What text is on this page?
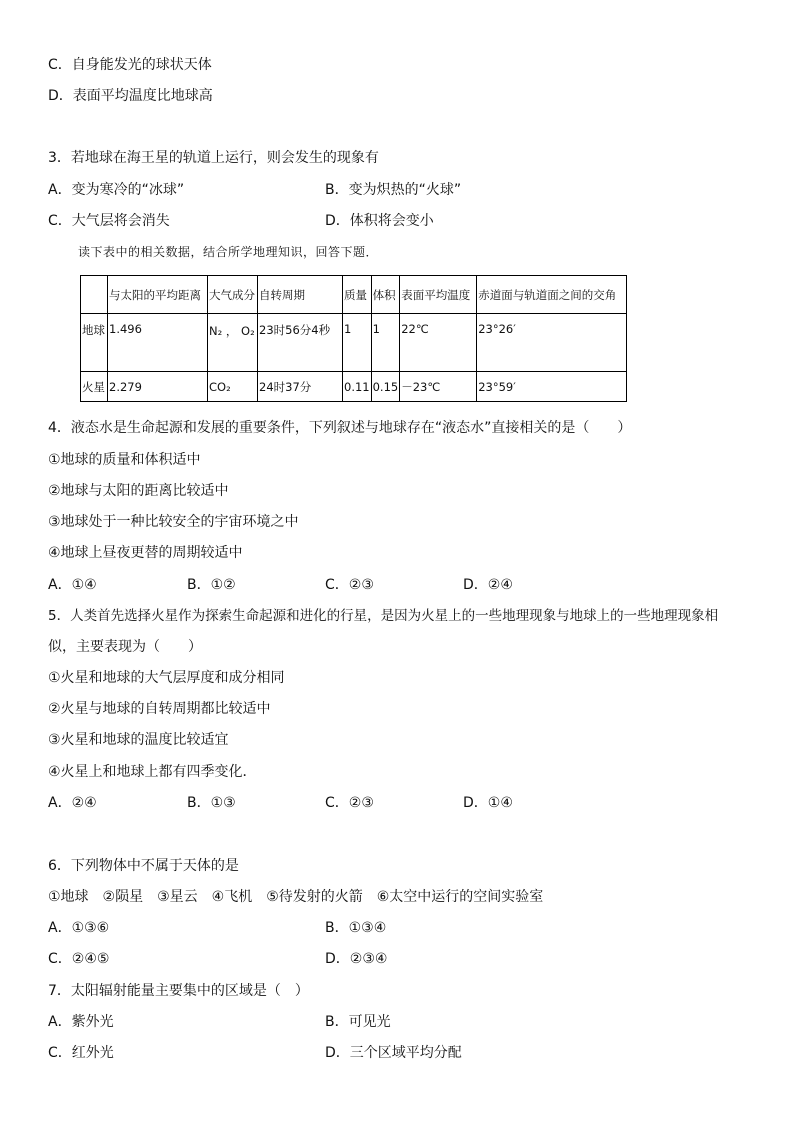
C．自身能发光的球状天体
D．表面平均温度比地球高
3．若地球在海王星的轨道上运行，则会发生的现象有
A．变为寒冷的“冰球”	B．变为炽热的“火球”
C．大气层将会消失	D．体积将会变小
读下表中的相关数据，结合所学地理知识，回答下题．
	与太阳的平均距离	大气成分	自转周期	质量	体积	表面平均温度	赤道面与轨道面之间的交角
地球	1.496	N₂ ， O₂	23时56分4秒	1	1	22℃	23°26′
火星	2.279	CO₂	24时37分	0.11	0.15	－23℃	23°59′
4．液态水是生命起源和发展的重要条件，下列叙述与地球存在“液态水”直接相关的是（　　）
①地球的质量和体积适中
②地球与太阳的距离比较适中
③地球处于一种比较安全的宇宙环境之中
④地球上昼夜更替的周期较适中
A．①④	B．①②	C．②③	D．②④
5．人类首先选择火星作为探索生命起源和进化的行星，是因为火星上的一些地理现象与地球上的一些地理现象相
似，主要表现为（　　）
①火星和地球的大气层厚度和成分相同
②火星与地球的自转周期都比较适中
③火星和地球的温度比较适宜
④火星上和地球上都有四季变化．
A．②④	B．①③	C．②③	D．①④
6．下列物体中不属于天体的是
①地球　②陨星　③星云　④飞机　⑤待发射的火箭　⑥太空中运行的空间实验室
A．①③⑥	B．①③④
C．②④⑤	D．②③④
7．太阳辐射能量主要集中的区域是（　）
A．紫外光	B．可见光
C．红外光	D．三个区域平均分配
